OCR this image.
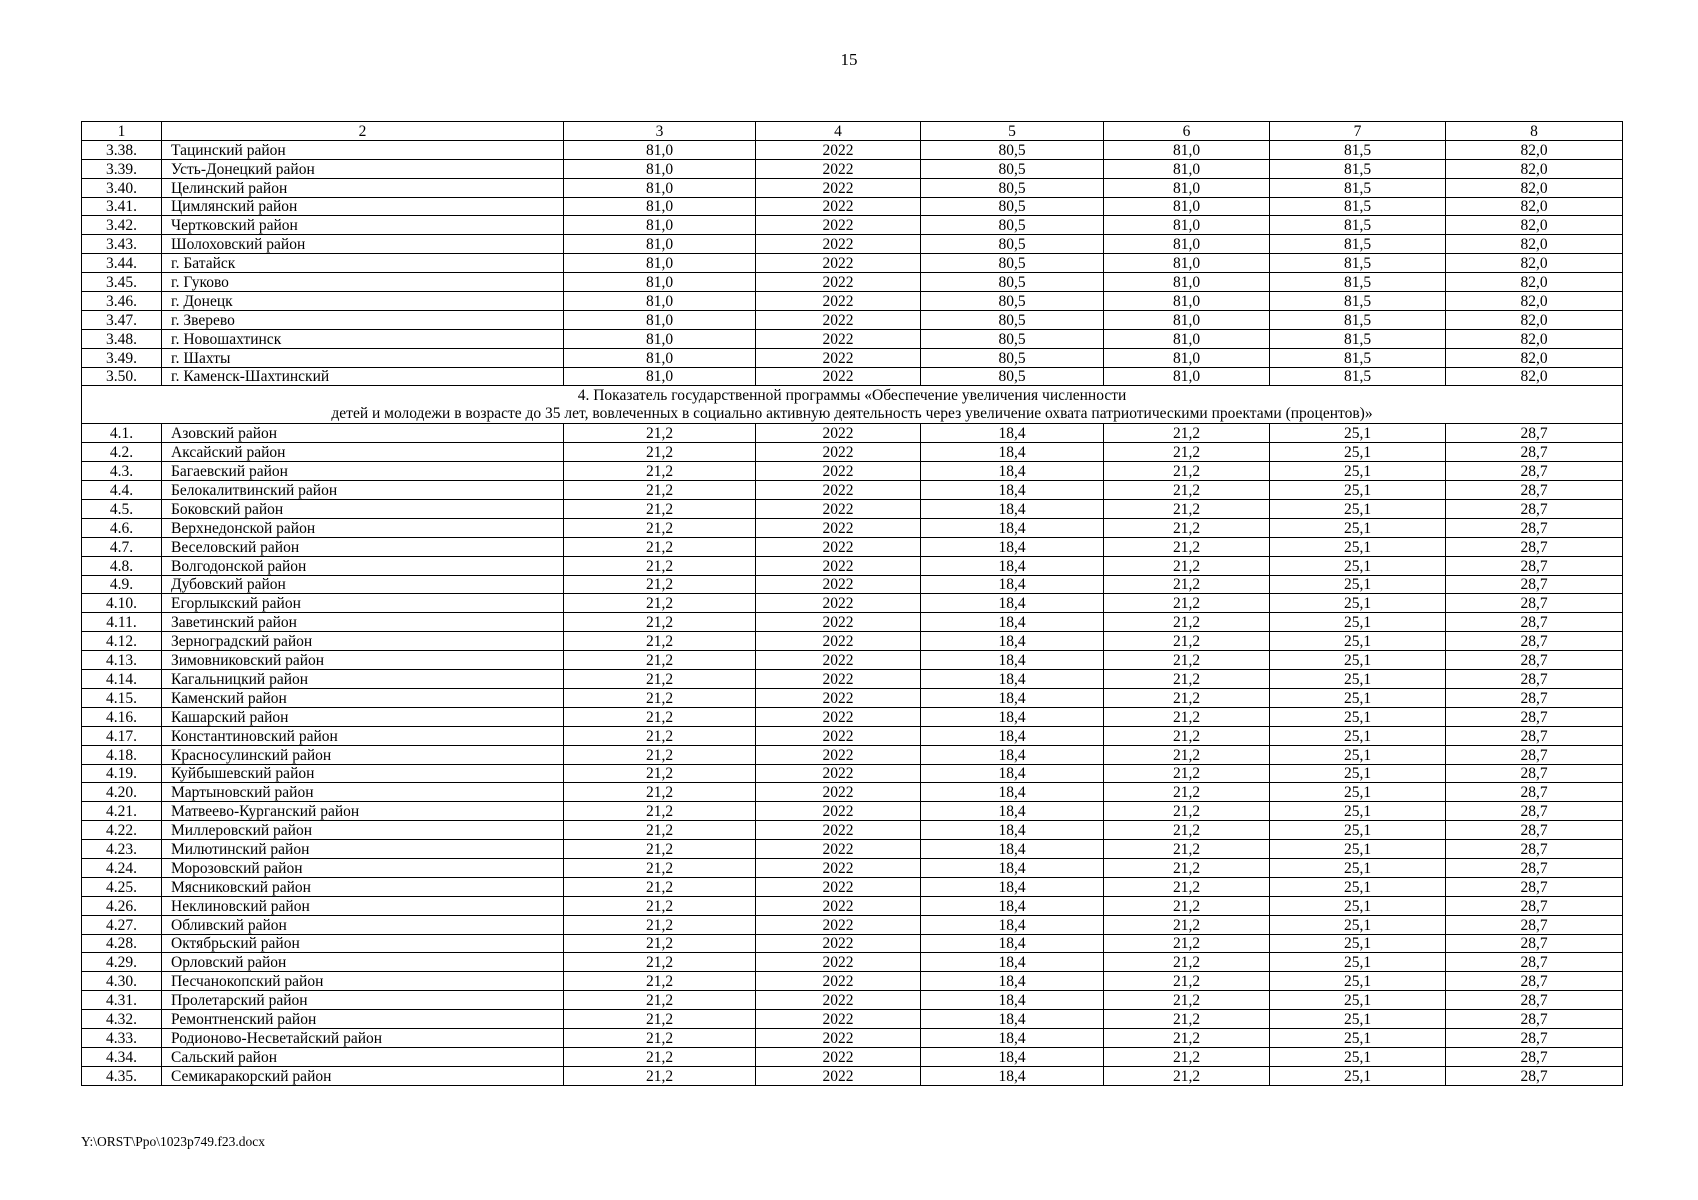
15
1	2	3	4	5	6	7	8
3.38.	Тацинский район	81,0	2022	80,5	81,0	81,5	82,0
3.39.	Усть-Донецкий район	81,0	2022	80,5	81,0	81,5	82,0
3.40.	Целинский район	81,0	2022	80,5	81,0	81,5	82,0
3.41.	Цимлянский район	81,0	2022	80,5	81,0	81,5	82,0
3.42.	Чертковский район	81,0	2022	80,5	81,0	81,5	82,0
3.43.	Шолоховский район	81,0	2022	80,5	81,0	81,5	82,0
3.44.	г. Батайск	81,0	2022	80,5	81,0	81,5	82,0
3.45.	г. Гуково	81,0	2022	80,5	81,0	81,5	82,0
3.46.	г. Донецк	81,0	2022	80,5	81,0	81,5	82,0
3.47.	г. Зверево	81,0	2022	80,5	81,0	81,5	82,0
3.48.	г. Новошахтинск	81,0	2022	80,5	81,0	81,5	82,0
3.49.	г. Шахты	81,0	2022	80,5	81,0	81,5	82,0
3.50.	г. Каменск-Шахтинский	81,0	2022	80,5	81,0	81,5	82,0

4. Показатель государственной программы «Обеспечение увеличения численности
детей и молодежи в возрасте до 35 лет, вовлеченных в социально активную деятельность через увеличение охвата патриотическими проектами (процентов)»							

4.1.	Азовский район	21,2	2022	18,4	21,2	25,1	28,7
4.2.	Аксайский район	21,2	2022	18,4	21,2	25,1	28,7
4.3.	Багаевский район	21,2	2022	18,4	21,2	25,1	28,7
4.4.	Белокалитвинский район	21,2	2022	18,4	21,2	25,1	28,7
4.5.	Боковский район	21,2	2022	18,4	21,2	25,1	28,7
4.6.	Верхнедонской район	21,2	2022	18,4	21,2	25,1	28,7
4.7.	Веселовский район	21,2	2022	18,4	21,2	25,1	28,7
4.8.	Волгодонской район	21,2	2022	18,4	21,2	25,1	28,7
4.9.	Дубовский район	21,2	2022	18,4	21,2	25,1	28,7
4.10.	Егорлыкский район	21,2	2022	18,4	21,2	25,1	28,7
4.11.	Заветинский район	21,2	2022	18,4	21,2	25,1	28,7
4.12.	Зерноградский район	21,2	2022	18,4	21,2	25,1	28,7
4.13.	Зимовниковский район	21,2	2022	18,4	21,2	25,1	28,7
4.14.	Кагальницкий район	21,2	2022	18,4	21,2	25,1	28,7
4.15.	Каменский район	21,2	2022	18,4	21,2	25,1	28,7
4.16.	Кашарский район	21,2	2022	18,4	21,2	25,1	28,7
4.17.	Константиновский район	21,2	2022	18,4	21,2	25,1	28,7
4.18.	Красносулинский район	21,2	2022	18,4	21,2	25,1	28,7
4.19.	Куйбышевский район	21,2	2022	18,4	21,2	25,1	28,7
4.20.	Мартыновский район	21,2	2022	18,4	21,2	25,1	28,7
4.21.	Матвеево-Курганский район	21,2	2022	18,4	21,2	25,1	28,7
4.22.	Миллеровский район	21,2	2022	18,4	21,2	25,1	28,7
4.23.	Милютинский район	21,2	2022	18,4	21,2	25,1	28,7
4.24.	Морозовский район	21,2	2022	18,4	21,2	25,1	28,7
4.25.	Мясниковский район	21,2	2022	18,4	21,2	25,1	28,7
4.26.	Неклиновский район	21,2	2022	18,4	21,2	25,1	28,7
4.27.	Обливский район	21,2	2022	18,4	21,2	25,1	28,7
4.28.	Октябрьский район	21,2	2022	18,4	21,2	25,1	28,7
4.29.	Орловский район	21,2	2022	18,4	21,2	25,1	28,7
4.30.	Песчанокопский район	21,2	2022	18,4	21,2	25,1	28,7
4.31.	Пролетарский район	21,2	2022	18,4	21,2	25,1	28,7
4.32.	Ремонтненский район	21,2	2022	18,4	21,2	25,1	28,7
4.33.	Родионово-Несветайский район	21,2	2022	18,4	21,2	25,1	28,7
4.34.	Сальский район	21,2	2022	18,4	21,2	25,1	28,7
4.35.	Семикаракорский район	21,2	2022	18,4	21,2	25,1	28,7
Y:\ORST\Ppo\1023p749.f23.docx
